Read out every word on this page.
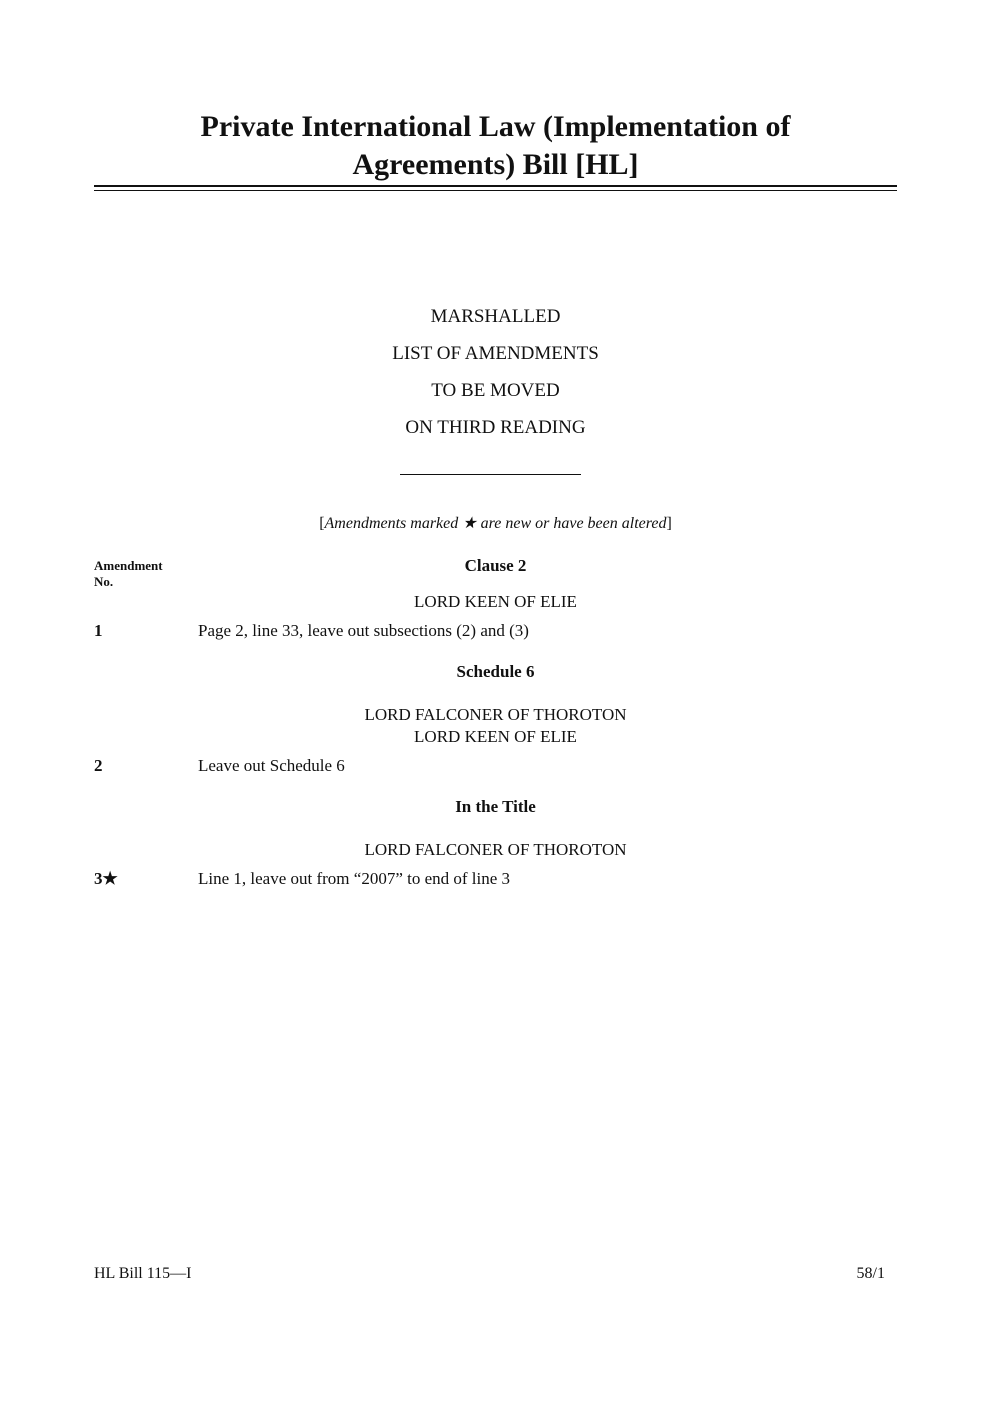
Private International Law (Implementation of
Agreements) Bill [HL]
MARSHALLED
LIST OF AMENDMENTS
TO BE MOVED
ON THIRD READING
[Amendments marked ★ are new or have been altered]
Amendment
No.
Clause 2
LORD KEEN OF ELIE
1	Page 2, line 33, leave out subsections (2) and (3)
Schedule 6
LORD FALCONER OF THOROTON
LORD KEEN OF ELIE
2	Leave out Schedule 6
In the Title
LORD FALCONER OF THOROTON
3★	Line 1, leave out from “2007” to end of line 3
HL Bill 115—I	58/1
